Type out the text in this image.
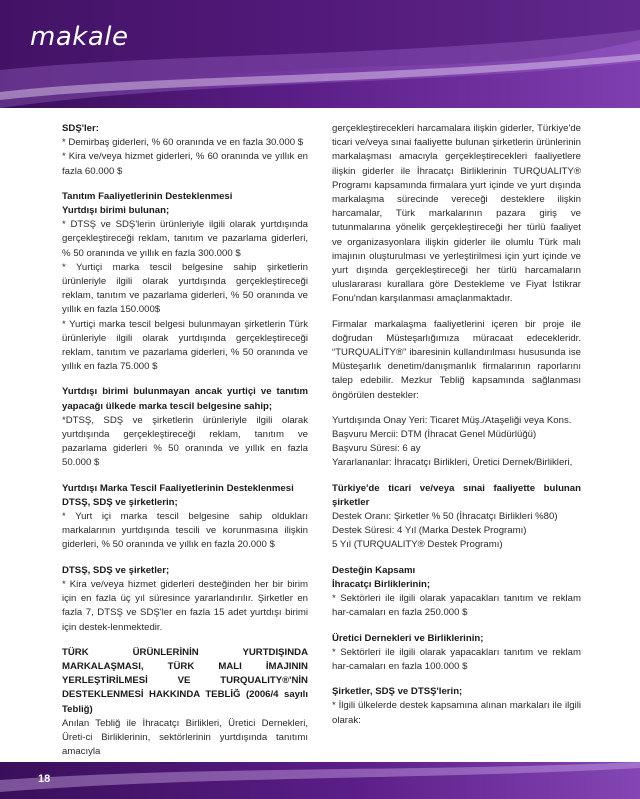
makale

SDŞ'ler:

* Demirbaş giderleri, % 60 oranında ve en fazla 30.000 $

* Kira ve/veya hizmet giderleri, % 60 oranında ve yıllık en fazla 60.000 $

Tanıtım Faaliyetlerinin Desteklenmesi

Yurtdışı birimi bulunan;

* DTSŞ ve SDŞ'lerin ürünleriyle ilgili olarak yurtdışında gerçekleştireceği reklam, tanıtım ve pazarlama giderleri, % 50 oranında ve yıllık en fazla 300.000 $

* Yurtiçi marka tescil belgesine sahip şirketlerin ürünleriyle ilgili olarak yurtdışında gerçekleştireceği reklam, tanıtım ve pazarlama giderleri, % 50 oranında ve yıllık en fazla 150.000$

* Yurtiçi marka tescil belgesi bulunmayan şirketlerin Türk ürünleriyle ilgili olarak yurtdışında gerçekleştireceği reklam, tanıtım ve pazarlama giderleri, % 50 oranında ve yıllık en fazla 75.000 $

Yurtdışı birimi bulunmayan ancak yurtiçi ve tanıtım yapacağı ülkede marka tescil belgesine sahip;

*DTSŞ, SDŞ ve şirketlerin ürünleriyle ilgili olarak yurtdışında gerçekleştireceği reklam, tanıtım ve pazarlama giderleri % 50 oranında ve yıllık en fazla 50.000 $

Yurtdışı Marka Tescil Faaliyetlerinin Desteklenmesi

DTSŞ, SDŞ ve şirketlerin;

* Yurt içi marka tescil belgesine sahip oldukları markalarının yurtdışında tescili ve korunmasına ilişkin giderleri, % 50 oranında ve yıllık en fazla 20.000 $

DTSŞ, SDŞ ve şirketler;

* Kira ve/veya hizmet giderleri desteğinden her bir birim için en fazla üç yıl süresince yararlandırılır. Şirketler en fazla 7, DTSŞ ve SDŞ'ler en fazla 15 adet yurtdışı birimi için destek-lenmektedir.

TÜRK ÜRÜNLERİNİN YURTDIŞINDA MARKALAŞMASI, TÜRK MALI İMAJININ YERLEŞTİRİLMESİ VE TURQUALITY®'NİN DESTEKLENMESİ HAKKINDA TEBLİĞ (2006/4 sayılı Tebliğ)

Anılan Tebliğ ile İhracatçı Birlikleri, Üretici Dernekleri, Üreti-ci Birliklerinin, sektörlerinin yurtdışında tanıtımı amacıyla

gerçekleştirecekleri harcamalara ilişkin giderler, Türkiye'de ticari ve/veya sınai faaliyette bulunan şirketlerin ürünlerinin markalaşması amacıyla gerçekleştirecekleri faaliyetlere ilişkin giderler ile İhracatçı Birliklerinin TURQUALITY® Programı kapsamında firmalara yurt içinde ve yurt dışında markalaşma sürecinde vereceği desteklere ilişkin harcamalar, Türk markalarının pazara giriş ve tutunmalarına yönelik gerçekleştireceği her türlü faaliyet ve organizasyonlara ilişkin giderler ile olumlu Türk malı imajının oluşturulması ve yerleştirilmesi için yurt içinde ve yurt dışında gerçekleştireceği her türlü harcamaların uluslararası kurallara göre Destekleme ve Fiyat İstikrar Fonu'ndan karşılanması amaçlanmaktadır.

Firmalar markalaşma faaliyetlerini içeren bir proje ile doğrudan Müsteşarlığımıza müracaat edecekleridr. “TURQUALİTY®” ibaresinin kullandırılması hususunda ise Müsteşarlık denetim/danışmanlık firmalarının raporlarını talep edebilir. Mezkur Tebliğ kapsamında sağlanması öngörülen destekler:

Yurtdışında Onay Yeri: Ticaret Müş./Ataşeliği veya Kons.

Başvuru Mercii: DTM (İhracat Genel Müdürlüğü)

Başvuru Süresi: 6 ay

Yararlananlar: İhracatçı Birlikleri, Üretici Dernek/Birlikleri,

Türkiye'de ticari ve/veya sınai faaliyette bulunan şirketler

Destek Oranı: Şirketler % 50 (İhracatçı Birlikleri %80)

Destek Süresi: 4 Yıl (Marka Destek Programı)

5 Yıl (TURQUALITY® Destek Programı)

Desteğin Kapsamı

İhracatçı Birliklerinin;

* Sektörleri ile ilgili olarak yapacakları tanıtım ve reklam har-camaları en fazla 250.000 $

Üretici Dernekleri ve Birliklerinin;

* Sektörleri ile ilgili olarak yapacakları tanıtım ve reklam har-camaları en fazla 100.000 $

Şirketler, SDŞ ve DTSŞ'lerin;

* İlgili ülkelerde destek kapsamına alınan markaları ile ilgili olarak:

18
